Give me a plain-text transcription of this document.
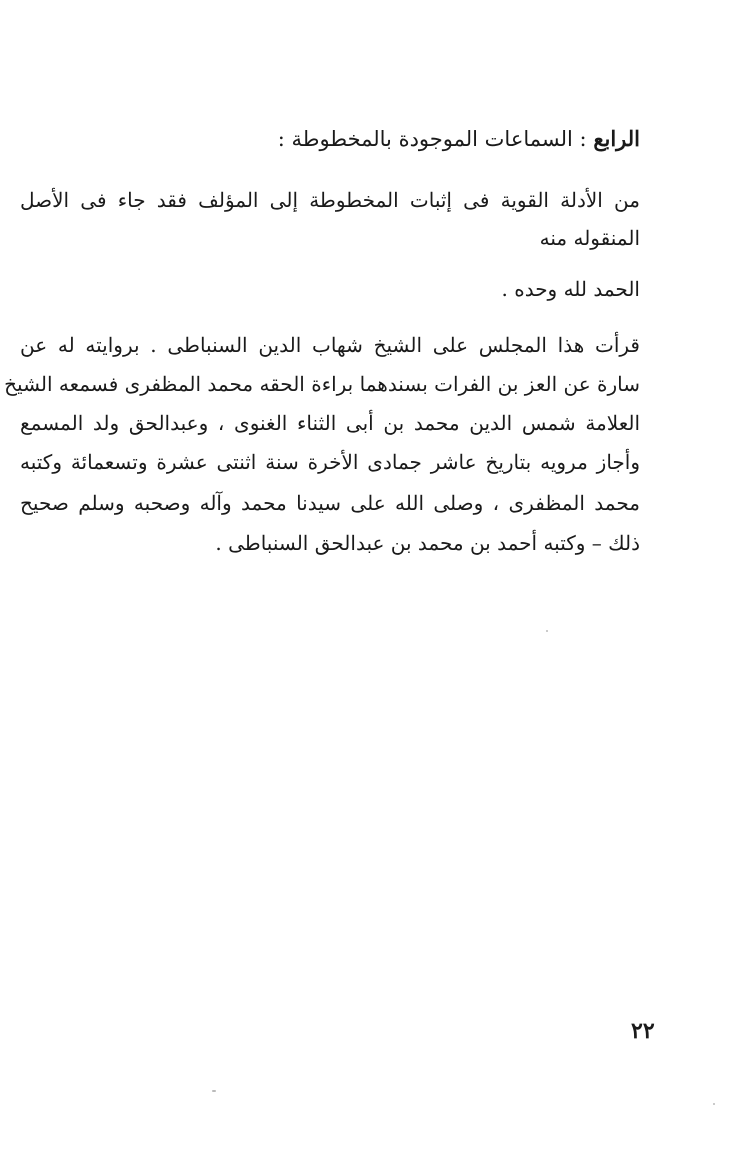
الرابع : السماعات الموجودة بالمخطوطة :
من الأدلة القوية فى إثبات المخطوطة إلى المؤلف فقد جاء فى الأصل
المنقوله منه
الحمد لله وحده .
قرأت هذا المجلس على الشيخ شهاب الدين السنباطى . بروايته له عن
سارة عن العز بن الفرات بسندهما براءة الحقه محمد المظفرى فسمعه الشيخ
العلامة شمس الدين محمد بن أبى الثناء الغنوى ، وعبدالحق ولد المسمع
وأجاز مرويه بتاريخ عاشر جمادى الأخرة سنة اثنتى عشرة وتسعمائة وكتبه
محمد المظفرى ، وصلى الله على سيدنا محمد وآله وصحبه وسلم صحيح
ذلك – وكتبه أحمد بن محمد بن عبدالحق السنباطى .
٢٢
